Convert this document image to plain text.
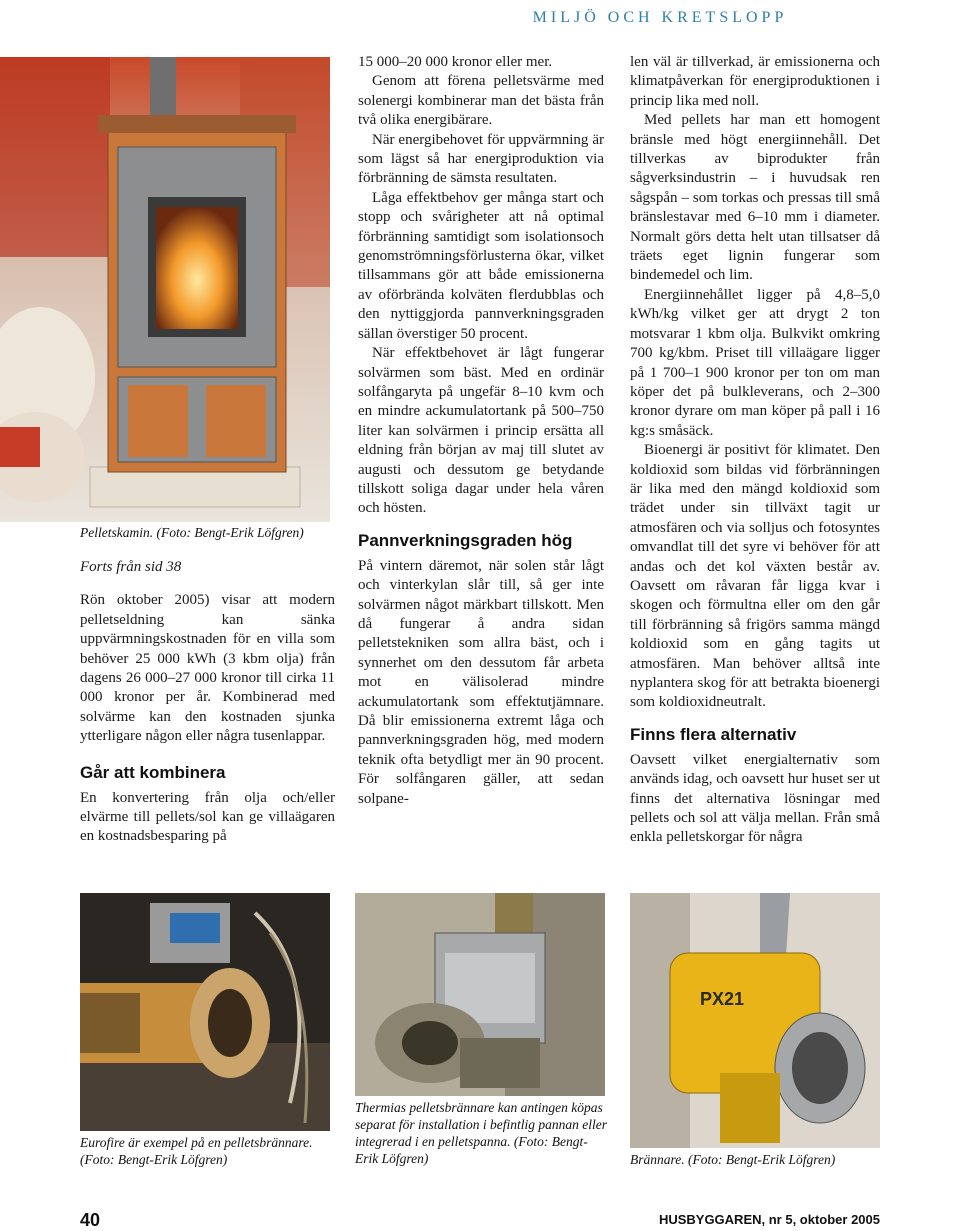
MILJÖ OCH KRETSLOPP
Pelletskamin. (Foto: Bengt-Erik Löfgren)

Forts från sid 38

Rön oktober 2005) visar att modern pelletseldning kan sänka uppvärmningskostnaden för en villa som behöver 25 000 kWh (3 kbm olja) från dagens 26 000–27 000 kronor till cirka 11 000 kronor per år. Kombinerad med solvärme kan den kostnaden sjunka ytterligare någon eller några tusenlappar.

Går att kombinera

En konvertering från olja och/eller elvärme till pellets/sol kan ge villaägaren en kostnadsbesparing på

15 000–20 000 kronor eller mer.

Genom att förena pelletsvärme med solenergi kombinerar man det bästa från två olika energibärare.

När energibehovet för uppvärmning är som lägst så har energiproduktion via förbränning de sämsta resultaten.

Låga effektbehov ger många start och stopp och svårigheter att nå optimal förbränning samtidigt som isolationsoch genomströmningsförlusterna ökar, vilket tillsammans gör att både emissionerna av oförbrända kolväten flerdubblas och den nyttiggjorda pannverkningsgraden sällan överstiger 50 procent.

När effektbehovet är lågt fungerar solvärmen som bäst. Med en ordinär solfångaryta på ungefär 8–10 kvm och en mindre ackumulatortank på 500–750 liter kan solvärmen i princip ersätta all eldning från början av maj till slutet av augusti och dessutom ge betydande tillskott soliga dagar under hela våren och hösten.

Pannverkningsgraden hög

På vintern däremot, när solen står lågt och vinterkylan slår till, så ger inte solvärmen något märkbart tillskott. Men då fungerar å andra sidan pelletstekniken som allra bäst, och i synnerhet om den dessutom får arbeta mot en välisolerad mindre ackumulatortank som effektutjämnare. Då blir emissionerna extremt låga och pannverkningsgraden hög, med modern teknik ofta betydligt mer än 90 procent. För solfångaren gäller, att sedan solpane-

len väl är tillverkad, är emissionerna och klimatpåverkan för energiproduktionen i princip lika med noll.

Med pellets har man ett homogent bränsle med högt energiinnehåll. Det tillverkas av biprodukter från sågverksindustrin – i huvudsak ren sågspån – som torkas och pressas till små bränslestavar med 6–10 mm i diameter. Normalt görs detta helt utan tillsatser då träets eget lignin fungerar som bindemedel och lim.

Energiinnehållet ligger på 4,8–5,0 kWh/kg vilket ger att drygt 2 ton motsvarar 1 kbm olja. Bulkvikt omkring 700 kg/kbm. Priset till villaägare ligger på 1 700–1 900 kronor per ton om man köper det på bulkleverans, och 2–300 kronor dyrare om man köper på pall i 16 kg:s småsäck.

Bioenergi är positivt för klimatet. Den koldioxid som bildas vid förbränningen är lika med den mängd koldioxid som trädet under sin tillväxt tagit ur atmosfären och via solljus och fotosyntes omvandlat till det syre vi behöver för att andas och det kol växten består av. Oavsett om råvaran får ligga kvar i skogen och förmultna eller om den går till förbränning så frigörs samma mängd koldioxid som en gång tagits ut atmosfären. Man behöver alltså inte nyplantera skog för att betrakta bioenergi som koldioxidneutralt.

Finns flera alternativ

Oavsett vilket energialternativ som används idag, och oavsett hur huset ser ut finns det alternativa lösningar med pellets och sol att välja mellan. Från små enkla pelletskorgar för några

Eurofire är exempel på en pelletsbrännare. (Foto: Bengt-Erik Löfgren)
Thermias pelletsbrännare kan antingen köpas separat för installation i befintlig pannan eller integrerad i en pelletspanna. (Foto: Bengt-Erik Löfgren)
PX21
Brännare. (Foto: Bengt-Erik Löfgren)
40	HUSBYGGAREN, nr 5, oktober 2005
